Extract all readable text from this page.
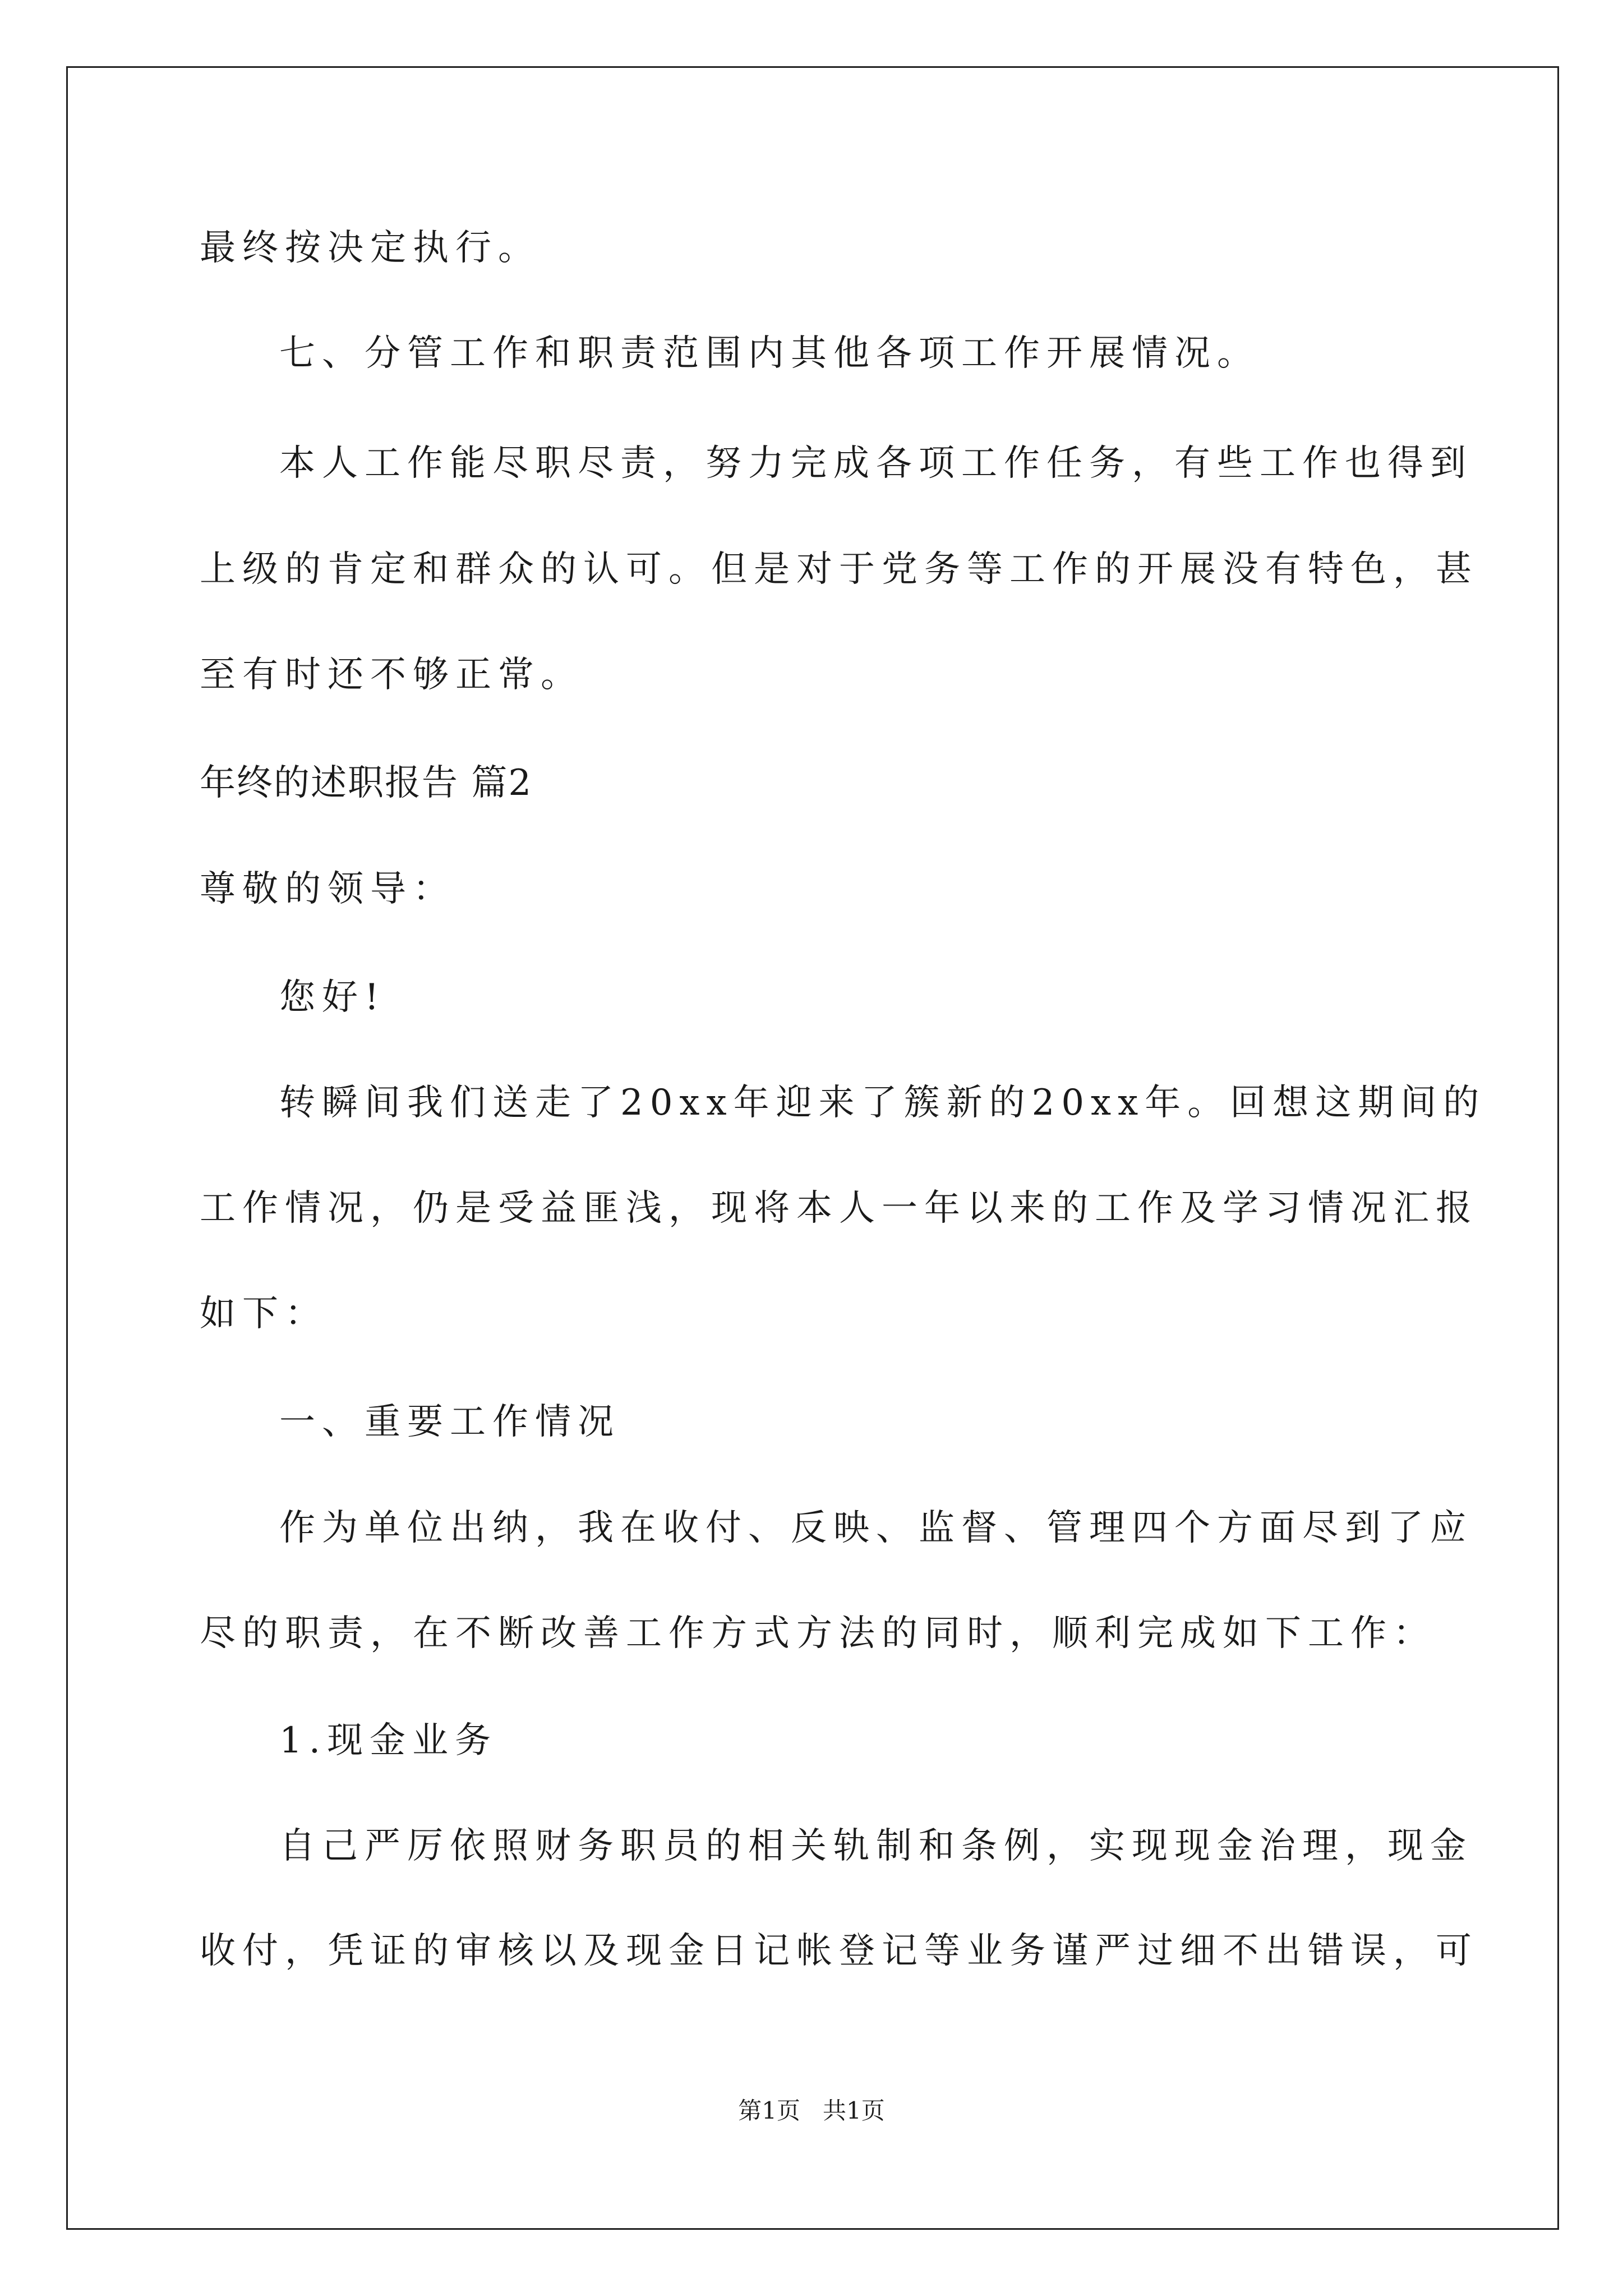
最终按决定执行。
七、分管工作和职责范围内其他各项工作开展情况。
本人工作能尽职尽责，努力完成各项工作任务，有些工作也得到
上级的肯定和群众的认可。但是对于党务等工作的开展没有特色，甚
至有时还不够正常。
年终的述职报告 篇2
尊敬的领导：
您好!
转瞬间我们送走了20xx年迎来了簇新的20xx年。回想这期间的
工作情况，仍是受益匪浅，现将本人一年以来的工作及学习情况汇报
如下：
一、重要工作情况
作为单位出纳，我在收付、反映、监督、管理四个方面尽到了应
尽的职责，在不断改善工作方式方法的同时，顺利完成如下工作：
1.现金业务
自己严厉依照财务职员的相关轨制和条例，实现现金治理，现金
收付，凭证的审核以及现金日记帐登记等业务谨严过细不出错误，可
第1页   共1页
